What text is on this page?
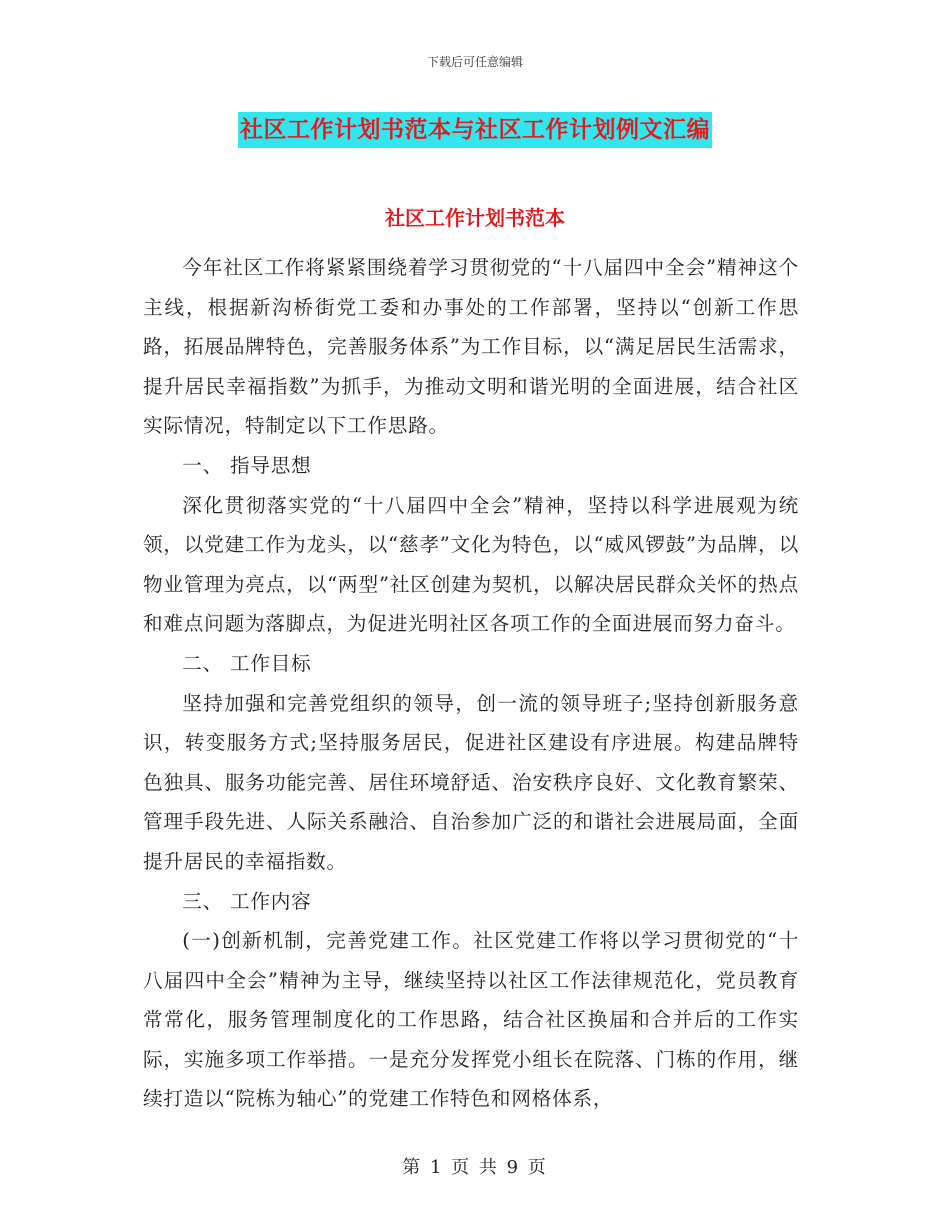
下载后可任意编辑
社区工作计划书范本与社区工作计划例文汇编
社区工作计划书范本

今年社区工作将紧紧围绕着学习贯彻党的“十八届四中全会”精神这个主线，根据新沟桥街党工委和办事处的工作部署，坚持以“创新工作思路，拓展品牌特色，完善服务体系”为工作目标，以“满足居民生活需求，提升居民幸福指数”为抓手，为推动文明和谐光明的全面进展，结合社区实际情况，特制定以下工作思路。

一、 指导思想

深化贯彻落实党的“十八届四中全会”精神，坚持以科学进展观为统领，以党建工作为龙头，以“慈孝”文化为特色，以“威风锣鼓”为品牌，以物业管理为亮点，以“两型”社区创建为契机，以解决居民群众关怀的热点和难点问题为落脚点，为促进光明社区各项工作的全面进展而努力奋斗。

二、 工作目标

坚持加强和完善党组织的领导，创一流的领导班子;坚持创新服务意识，转变服务方式;坚持服务居民，促进社区建设有序进展。构建品牌特色独具、服务功能完善、居住环境舒适、治安秩序良好、文化教育繁荣、管理手段先进、人际关系融洽、自治参加广泛的和谐社会进展局面，全面提升居民的幸福指数。

三、 工作内容

(一)创新机制，完善党建工作。社区党建工作将以学习贯彻党的“十八届四中全会”精神为主导，继续坚持以社区工作法律规范化，党员教育常常化，服务管理制度化的工作思路，结合社区换届和合并后的工作实际，实施多项工作举措。一是充分发挥党小组长在院落、门栋的作用，继续打造以“院栋为轴心”的党建工作特色和网格体系，

第 1 页 共 9 页
